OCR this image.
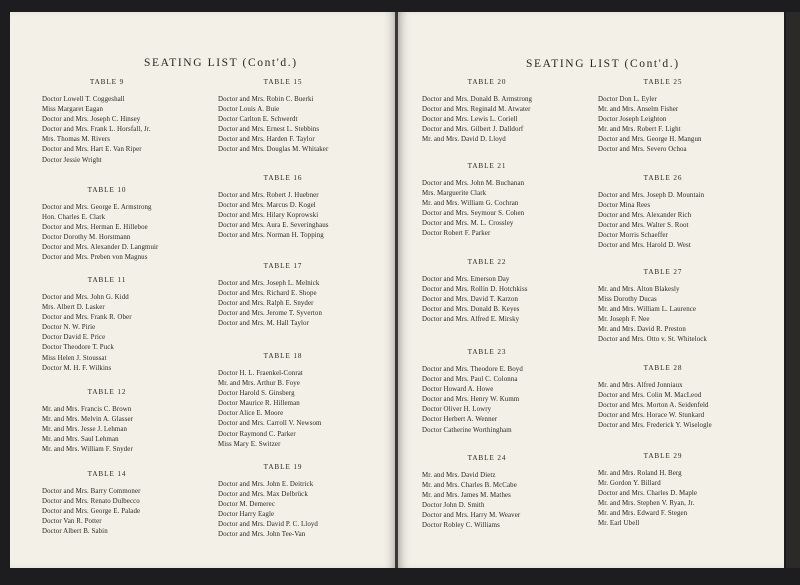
SEATING LIST (Cont'd.)
TABLE 9
Doctor Lowell T. Coggeshall
Miss Margaret Eagan
Doctor and Mrs. Joseph C. Hinsey
Doctor and Mrs. Frank L. Horsfall, Jr.
Mrs. Thomas M. Rivers
Doctor and Mrs. Hart E. Van Riper
Doctor Jessie Wright
TABLE 10
Doctor and Mrs. George E. Armstrong
Hon. Charles E. Clark
Doctor and Mrs. Herman E. Hilleboe
Doctor Dorothy M. Horstmann
Doctor and Mrs. Alexander D. Langmuir
Doctor and Mrs. Preben von Magnus
TABLE 11
Doctor and Mrs. John G. Kidd
Mrs. Albert D. Lasker
Doctor and Mrs. Frank R. Ober
Doctor N. W. Pirie
Doctor David E. Price
Doctor Theodore T. Puck
Miss Helen J. Stoussat
Doctor M. H. F. Wilkins
TABLE 12
Mr. and Mrs. Francis C. Brown
Mr. and Mrs. Melvin A. Glasser
Mr. and Mrs. Jesse J. Lehman
Mr. and Mrs. Saul Lehman
Mr. and Mrs. William F. Snyder
TABLE 14
Doctor and Mrs. Barry Commoner
Doctor and Mrs. Renato Dulbecco
Doctor and Mrs. George E. Palade
Doctor Van R. Potter
Doctor Albert B. Sabin
TABLE 15
Doctor and Mrs. Robin C. Buerki
Doctor Louis A. Buie
Doctor Carlton E. Schwerdt
Doctor and Mrs. Ernest L. Stebbins
Doctor and Mrs. Harden F. Taylor
Doctor and Mrs. Douglas M. Whitaker
TABLE 16
Doctor and Mrs. Robert J. Huebner
Doctor and Mrs. Marcus D. Kogel
Doctor and Mrs. Hilary Koprowski
Doctor and Mrs. Aura E. Severinghaus
Doctor and Mrs. Norman H. Topping
TABLE 17
Doctor and Mrs. Joseph L. Melnick
Doctor and Mrs. Richard E. Shope
Doctor and Mrs. Ralph E. Snyder
Doctor and Mrs. Jerome T. Syverton
Doctor and Mrs. M. Hall Taylor
TABLE 18
Doctor H. L. Fraenkel-Conrat
Mr. and Mrs. Arthur B. Foye
Doctor Harold S. Ginsberg
Doctor Maurice R. Hilleman
Doctor Alice E. Moore
Doctor and Mrs. Carroll V. Newsom
Doctor Raymond C. Parker
Miss Mary E. Switzer
TABLE 19
Doctor and Mrs. John E. Deitrick
Doctor and Mrs. Max Delbrück
Doctor M. Demerec
Doctor Harry Eagle
Doctor and Mrs. David P. C. Lloyd
Doctor and Mrs. John Tee-Van
SEATING LIST (Cont'd.)
TABLE 20
Doctor and Mrs. Donald B. Armstrong
Doctor and Mrs. Reginald M. Atwater
Doctor and Mrs. Lewis L. Coriell
Doctor and Mrs. Gilbert J. Dalldorf
Mr. and Mrs. David D. Lloyd
TABLE 21
Doctor and Mrs. John M. Buchanan
Mrs. Marguerite Clark
Mr. and Mrs. William G. Cochran
Doctor and Mrs. Seymour S. Cohen
Doctor and Mrs. M. L. Crossley
Doctor Robert F. Parker
TABLE 22
Doctor and Mrs. Emerson Day
Doctor and Mrs. Rollin D. Hotchkiss
Doctor and Mrs. David T. Karzon
Doctor and Mrs. Donald B. Keyes
Doctor and Mrs. Alfred E. Mirsky
TABLE 23
Doctor and Mrs. Theodore E. Boyd
Doctor and Mrs. Paul C. Colonna
Doctor Howard A. Howe
Doctor and Mrs. Henry W. Kumm
Doctor Oliver H. Lowry
Doctor Herbert A. Wenner
Doctor Catherine Worthingham
TABLE 24
Mr. and Mrs. David Dietz
Mr. and Mrs. Charles B. McCabe
Mr. and Mrs. James M. Mathes
Doctor John D. Smith
Doctor and Mrs. Harry M. Weaver
Doctor Robley C. Williams
TABLE 25
Doctor Don L. Eyler
Mr. and Mrs. Anselm Fisher
Doctor Joseph Leighton
Mr. and Mrs. Robert F. Light
Doctor and Mrs. George H. Mangun
Doctor and Mrs. Severo Ochoa
TABLE 26
Doctor and Mrs. Joseph D. Mountain
Doctor Mina Rees
Doctor and Mrs. Alexander Rich
Doctor and Mrs. Walter S. Root
Doctor Morris Schaeffer
Doctor and Mrs. Harold D. West
TABLE 27
Mr. and Mrs. Alton Blakesly
Miss Dorothy Ducas
Mr. and Mrs. William L. Laurence
Mr. Joseph F. Nee
Mr. and Mrs. David R. Preston
Doctor and Mrs. Otto v. St. Whitelock
TABLE 28
Mr. and Mrs. Alfred Jonniaux
Doctor and Mrs. Colin M. MacLeod
Doctor and Mrs. Morton A. Seidenfeld
Doctor and Mrs. Horace W. Stunkard
Doctor and Mrs. Frederick Y. Wiselogle
TABLE 29
Mr. and Mrs. Roland H. Berg
Mr. Gordon Y. Billard
Doctor and Mrs. Charles D. Maple
Mr. and Mrs. Stephen V. Ryan, Jr.
Mr. and Mrs. Edward F. Stegen
Mr. Earl Ubell
